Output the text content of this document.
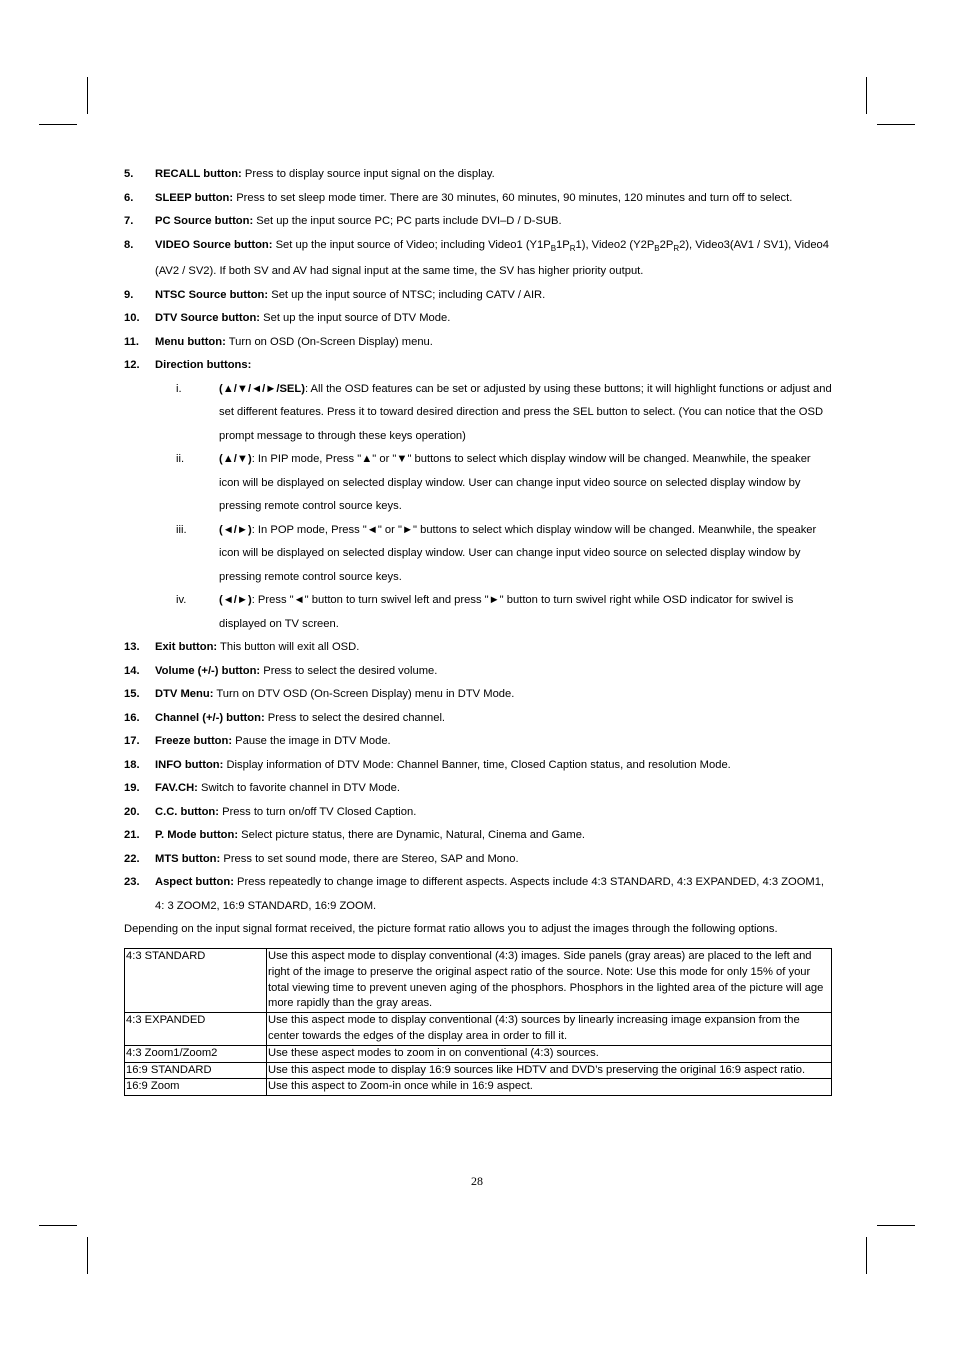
5. RECALL button: Press to display source input signal on the display.
6. SLEEP button: Press to set sleep mode timer. There are 30 minutes, 60 minutes, 90 minutes, 120 minutes and turn off to select.
7. PC Source button: Set up the input source PC; PC parts include DVI–D / D-SUB.
8. VIDEO Source button: Set up the input source of Video; including Video1 $(Y1P_B1P_R1)$, Video2 $(Y2P_B2P_R2)$, Video3(AV1 / SV1), Video4 (AV2 / SV2). If both SV and AV had signal input at the same time, the SV has higher priority output.
9. NTSC Source button: Set up the input source of NTSC; including CATV / AIR.
10. DTV Source button: Set up the input source of DTV Mode.
11. Menu button: Turn on OSD (On-Screen Display) menu.
12. Direction buttons:
i.	(▲/▼/◄/►/SEL): All the OSD features can be set or adjusted by using these buttons; it will highlight functions or adjust and set different features. Press it to toward desired direction and press the SEL button to select. (You can notice that the OSD prompt message to through these keys operation)
ii.	(▲/▼): In PIP mode, Press "▲" or "▼" buttons to select which display window will be changed. Meanwhile, the speaker icon will be displayed on selected display window. User can change input video source on selected display window by pressing remote control source keys.
iii.	(◄/►): In POP mode, Press "◄" or "►" buttons to select which display window will be changed. Meanwhile, the speaker icon will be displayed on selected display window. User can change input video source on selected display window by pressing remote control source keys.
iv.	(◄/►): Press "◄" button to turn swivel left and press "►" button to turn swivel right while OSD indicator for swivel is displayed on TV screen.
13. Exit button: This button will exit all OSD.
14. Volume (+/-) button: Press to select the desired volume.
15. DTV Menu: Turn on DTV OSD (On-Screen Display) menu in DTV Mode.
16. Channel (+/-) button: Press to select the desired channel.
17. Freeze button: Pause the image in DTV Mode.
18. INFO button: Display information of DTV Mode: Channel Banner, time, Closed Caption status, and resolution Mode.
19. FAV.CH: Switch to favorite channel in DTV Mode.
20. C.C. button: Press to turn on/off TV Closed Caption.
21. P. Mode button: Select picture status, there are Dynamic, Natural, Cinema and Game.
22. MTS button: Press to set sound mode, there are Stereo, SAP and Mono.
23. Aspect button: Press repeatedly to change image to different aspects. Aspects include 4:3 STANDARD, 4:3 EXPANDED, 4:3 ZOOM1, 4: 3 ZOOM2, 16:9 STANDARD, 16:9 ZOOM.
Depending on the input signal format received, the picture format ratio allows you to adjust the images through the following options.
4:3 STANDARD	Use this aspect mode to display conventional (4:3) images. Side panels (gray areas) are placed to the left and right of the image to preserve the original aspect ratio of the source. Note: Use this mode for only 15% of your total viewing time to prevent uneven aging of the phosphors. Phosphors in the lighted area of the picture will age more rapidly than the gray areas.
4:3 EXPANDED	Use this aspect mode to display conventional (4:3) sources by linearly increasing image expansion from the center towards the edges of the display area in order to fill it.
4:3 Zoom1/Zoom2	Use these aspect modes to zoom in on conventional (4:3) sources.
16:9 STANDARD	Use this aspect mode to display 16:9 sources like HDTV and DVD’s preserving the original 16:9 aspect ratio.
16:9 Zoom	Use this aspect to Zoom-in once while in 16:9 aspect.
28
